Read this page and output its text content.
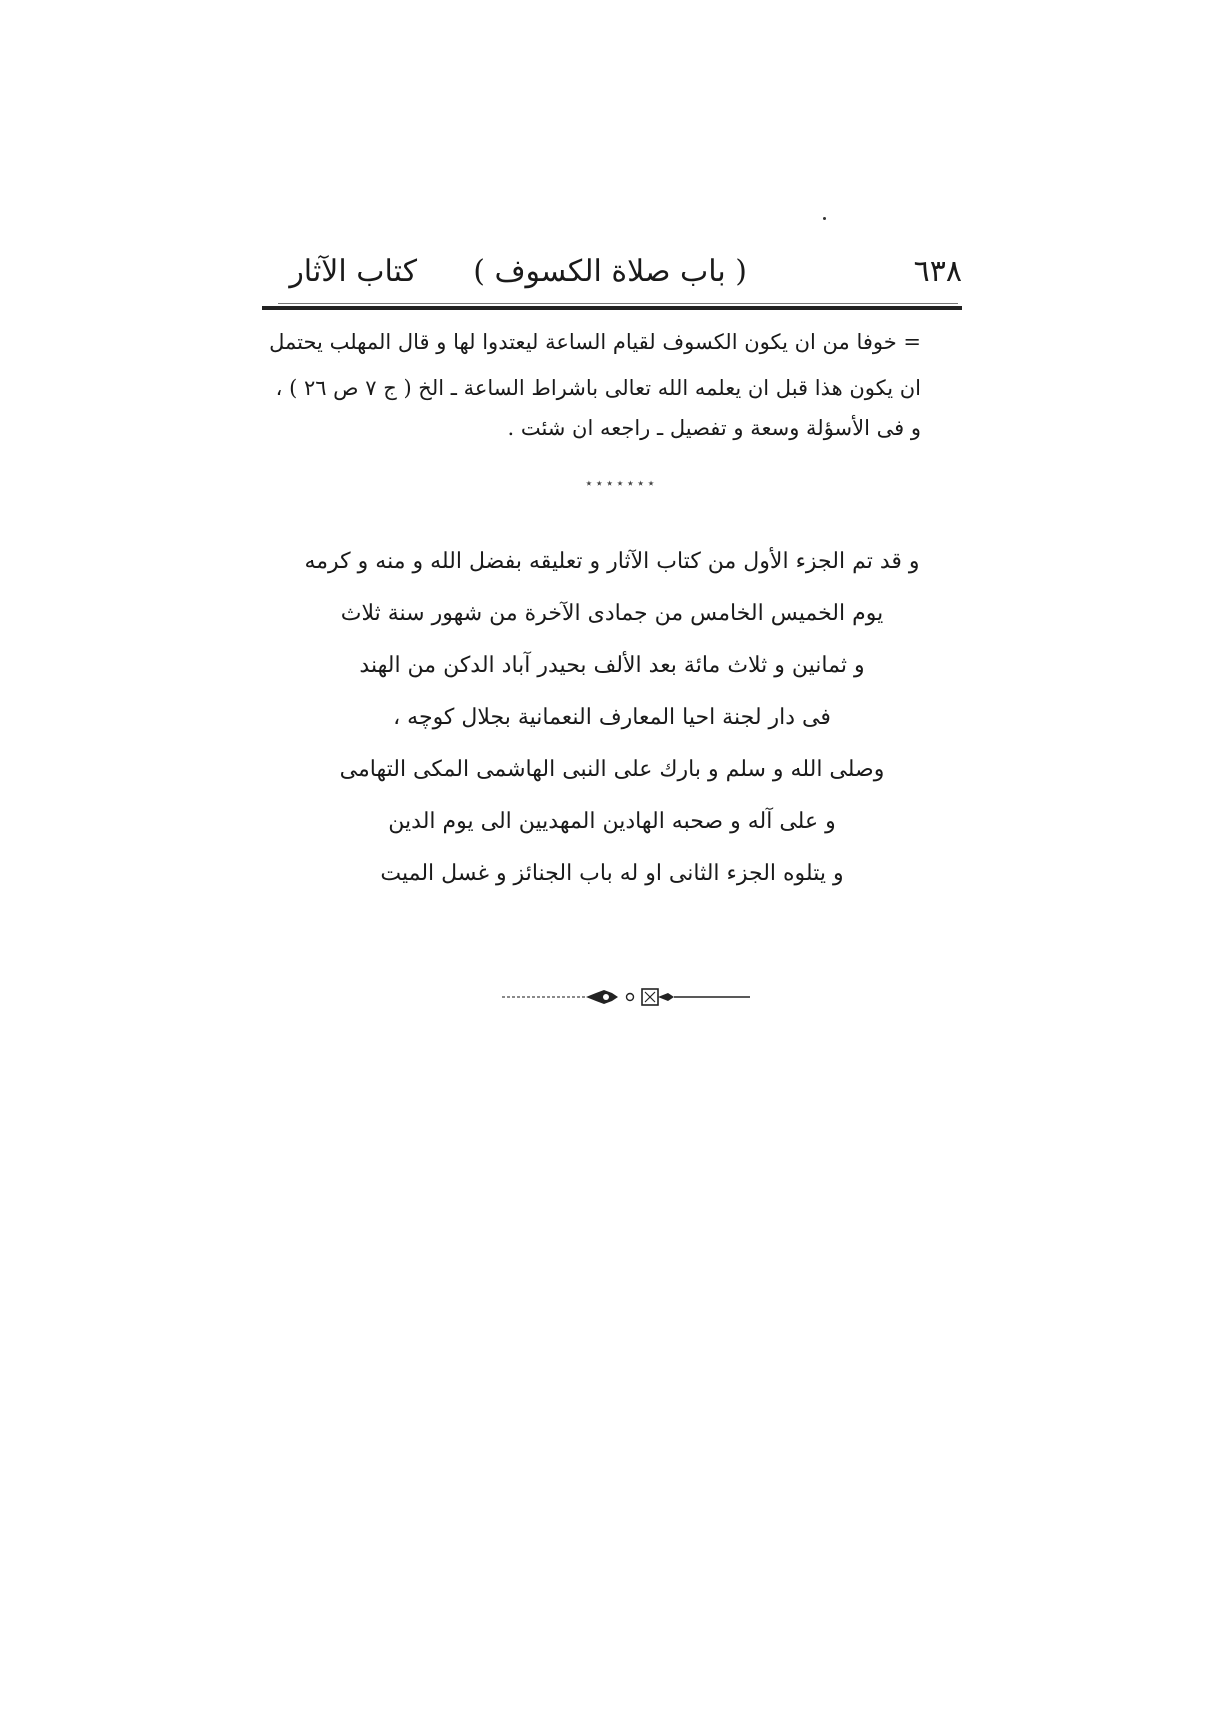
٦٣٨
( باب صلاة الكسوف )
كتاب الآثار
= خوفا من ان يكون الكسوف لقيام الساعة ليعتدوا لها و قال المهلب يحتمل
ان يكون هذا قبل ان يعلمه الله تعالى باشراط الساعة ـ الخ ( ج ٧ ص ٢٦ ) ،
و فى الأسؤلة وسعة و تفصيل ـ راجعه ان شئت .
٭ ٭ ٭ ٭ ٭ ٭ ٭
و قد تم الجزء الأول من كتاب الآثار و تعليقه بفضل الله و منه و كرمه
يوم الخميس الخامس من جمادى الآخرة من شهور سنة ثلاث
و ثمانين و ثلاث مائة بعد الألف بحيدر آباد الدكن من الهند
فى دار لجنة احيا المعارف النعمانية بجلال كوچه ،
وصلى الله و سلم و بارك على النبى الهاشمى المكى التهامى
و على آله و صحبه الهادين المهديين الى يوم الدين
و يتلوه الجزء الثانى او له باب الجنائز و غسل الميت
